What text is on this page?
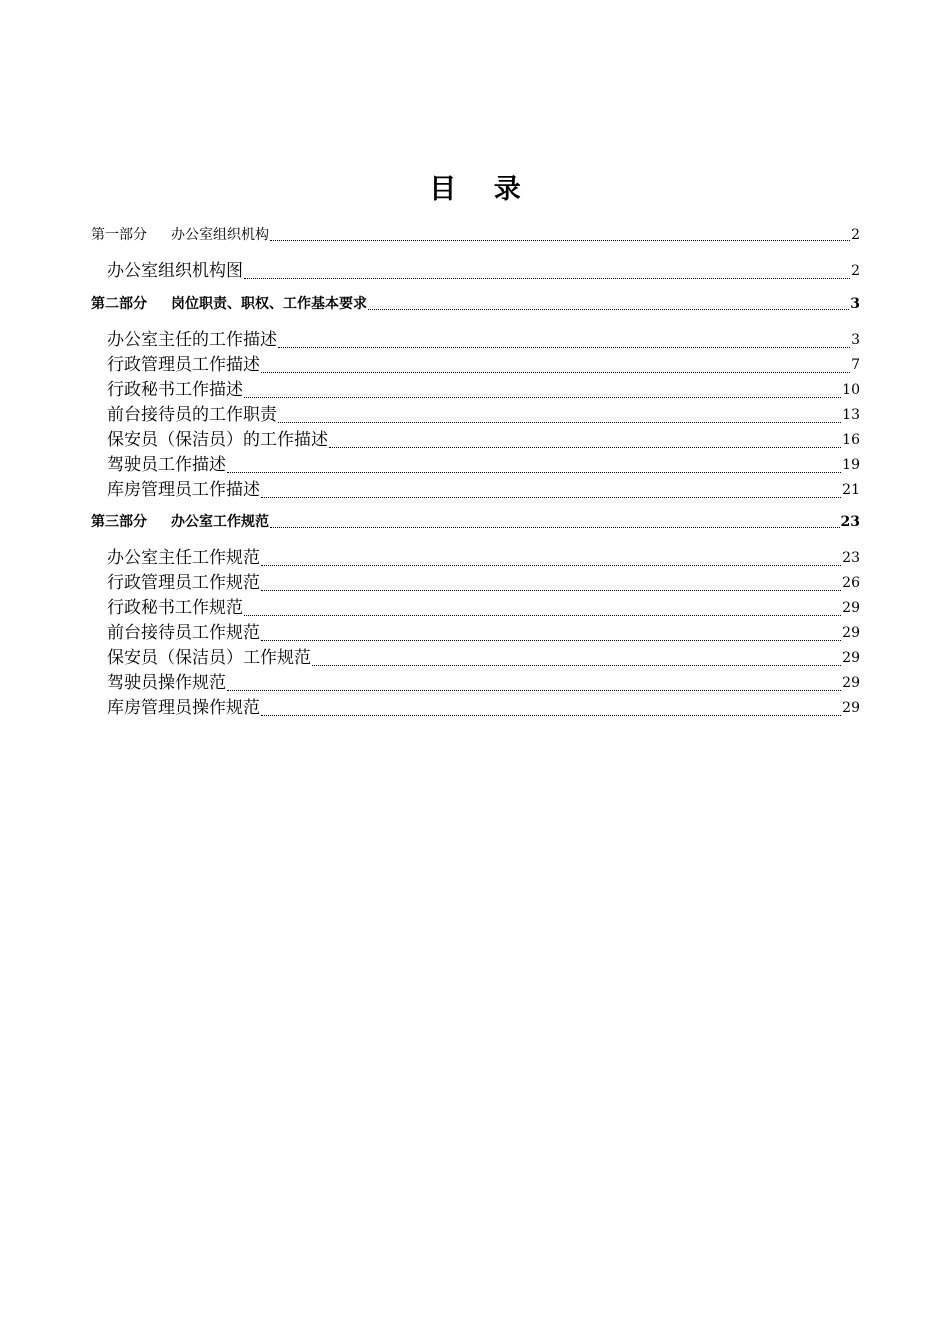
目 录
第一部分 办公室组织机构	2
办公室组织机构图	2
第二部分 岗位职责、职权、工作基本要求	3
办公室主任的工作描述	3
行政管理员工作描述	7
行政秘书工作描述	10
前台接待员的工作职责	13
保安员（保洁员）的工作描述	16
驾驶员工作描述	19
库房管理员工作描述	21
第三部分 办公室工作规范	23
办公室主任工作规范	23
行政管理员工作规范	26
行政秘书工作规范	29
前台接待员工作规范	29
保安员（保洁员）工作规范	29
驾驶员操作规范	29
库房管理员操作规范	29
